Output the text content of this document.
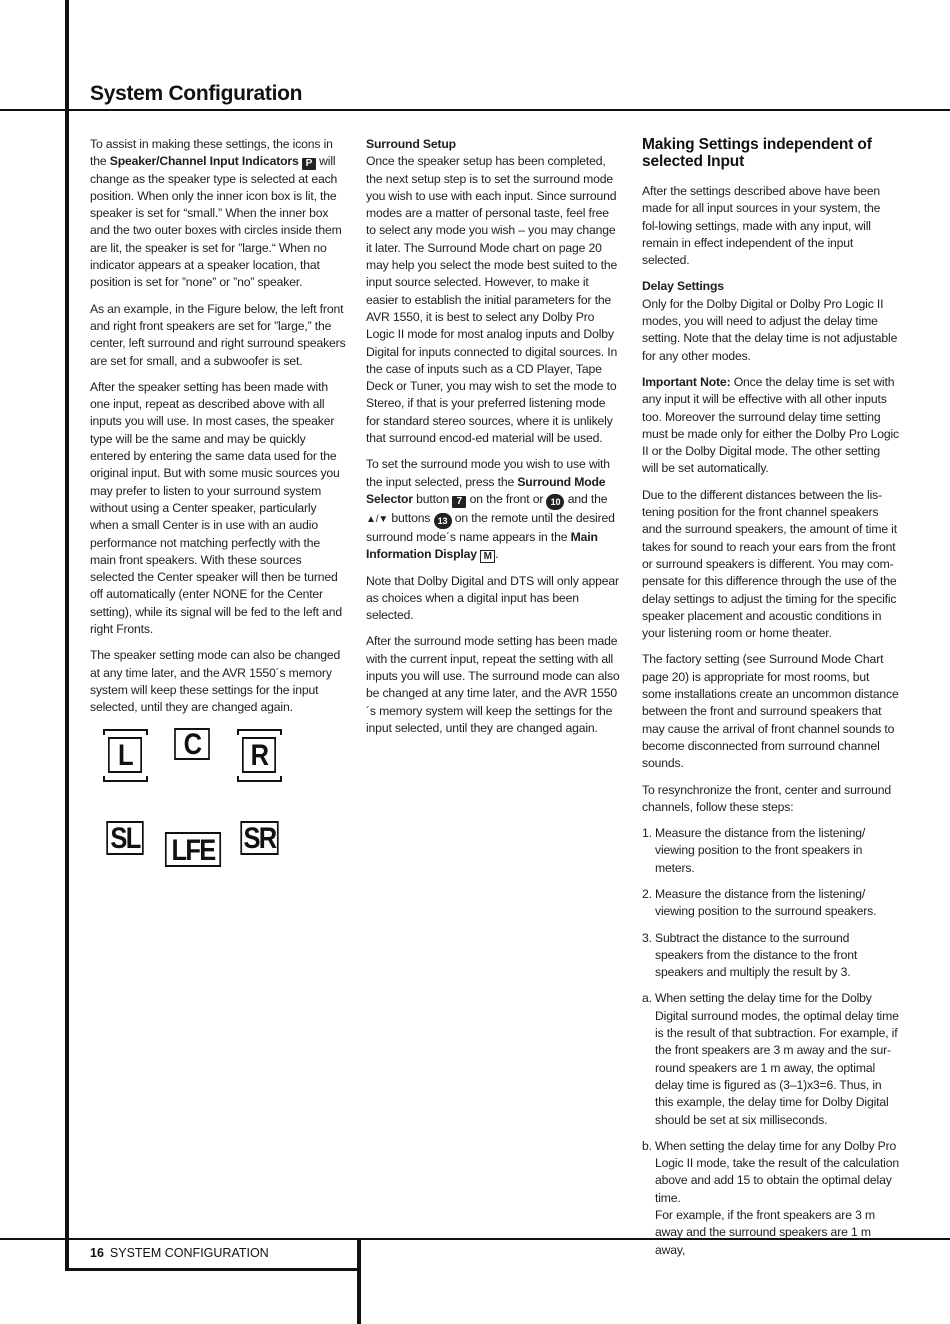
System Configuration

To assist in making these settings, the icons in the Speaker/Channel Input Indicators P will change as the speaker type is selected at each position. When only the inner icon box is lit, the speaker is set for “small.” When the inner box and the two outer boxes with circles inside them are lit, the speaker is set for ”large.“ When no indicator appears at a speaker location, that position is set for ”none” or ”no” speaker.

As an example, in the Figure below, the left front and right front speakers are set for ”large,” the center, left surround and right surround speakers are set for small, and a subwoofer is set.

After the speaker setting has been made with one input, repeat as described above with all inputs you will use. In most cases, the speaker type will be the same and may be quickly entered by entering the same data used for the original input. But with some music sources you may prefer to listen to your surround system without using a Center speaker, particularly when a small Center is in use with an audio performance not matching perfectly with the main front speakers. With these sources selected the Center speaker will then be turned off automatically (enter NONE for the Center setting), while its signal will be fed to the left and right Fronts.

The speaker setting mode can also be changed at any time later, and the AVR 1550´s memory system will keep these settings for the input selected, until they are changed again.

L	C	R
SL LFE SR

Surround Setup
Once the speaker setup has been completed, the next setup step is to set the surround mode you wish to use with each input. Since surround modes are a matter of personal taste, feel free to select any mode you wish – you may change it later. The Surround Mode chart on page 20 may help you select the mode best suited to the input source selected. However, to make it easier to establish the initial parameters for the AVR 1550, it is best to select any Dolby Pro Logic II mode for most analog inputs and Dolby Digital for inputs connected to digital sources. In the case of inputs such as a CD Player, Tape Deck or Tuner, you may wish to set the mode to Stereo, if that is your preferred listening mode for standard stereo sources, where it is unlikely that surround encod-ed material will be used.

To set the surround mode you wish to use with the input selected, press the Surround Mode Selector button 7 on the front or 10 and the ▲/▼ buttons 13 on the remote until the desired surround mode´s name appears in the Main Information Display M .

Note that Dolby Digital and DTS will only appear as choices when a digital input has been selected.

After the surround mode setting has been made with the current input, repeat the setting with all inputs you will use. The surround mode can also be changed at any time later, and the AVR 1550´s memory system will keep the settings for the input selected, until they are changed again.

Making Settings independent of selected Input

After the settings described above have been made for all input sources in your system, the fol-lowing settings, made with any input, will remain in effect independent of the input selected.

Delay Settings
Only for the Dolby Digital or Dolby Pro Logic II modes, you will need to adjust the delay time setting. Note that the delay time is not adjustable for any other modes.

Important Note: Once the delay time is set with any input it will be effective with all other inputs too. Moreover the surround delay time setting must be made only for either the Dolby Pro Logic II or the Dolby Digital mode. The other setting will be set automatically.

Due to the different distances between the lis-tening position for the front channel speakers and the surround speakers, the amount of time it takes for sound to reach your ears from the front or surround speakers is different. You may com-pensate for this difference through the use of the delay settings to adjust the timing for the specific speaker placement and acoustic conditions in your listening room or home theater.

The factory setting (see Surround Mode Chart page 20) is appropriate for most rooms, but some installations create an uncommon distance between the front and surround speakers that may cause the arrival of front channel sounds to become disconnected from surround channel sounds.

To resynchronize the front, center and surround channels, follow these steps:

1. Measure the distance from the listening/ viewing position to the front speakers in meters.
2. Measure the distance from the listening/ viewing position to the surround speakers.
3. Subtract the distance to the surround speakers from the distance to the front speakers and multiply the result by 3.
a. When setting the delay time for the Dolby Digital surround modes, the optimal delay time is the result of that subtraction. For example, if the front speakers are 3 m away and the sur-round speakers are 1 m away, the optimal delay time is figured as (3–1)x3=6. Thus, in this example, the delay time for Dolby Digital should be set at six milliseconds.
b. When setting the delay time for any Dolby Pro Logic II mode, take the result of the calculation above and add 15 to obtain the optimal delay time.
For example, if the front speakers are 3 m away and the surround speakers are 1 m away,
16 SYSTEM CONFIGURATION
